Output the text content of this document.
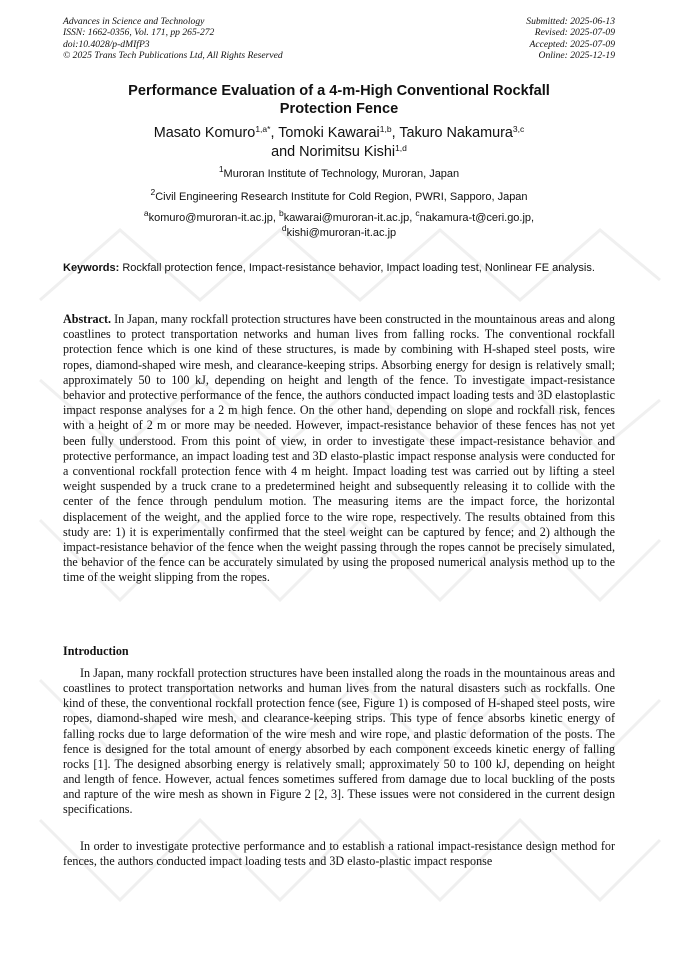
Advances in Science and Technology
ISSN: 1662-0356, Vol. 171, pp 265-272
doi:10.4028/p-dMIfP3
© 2025 Trans Tech Publications Ltd, All Rights Reserved
Submitted: 2025-06-13
Revised: 2025-07-09
Accepted: 2025-07-09
Online: 2025-12-19
Performance Evaluation of a 4-m-High Conventional Rockfall
Protection Fence
Masato Komuro$^{1,a*}$, Tomoki Kawarai$^{1,b}$, Takuro Nakamura$^{3,c}$
and Norimitsu Kishi$^{1,d}$
$^1$Muroran Institute of Technology, Muroran, Japan
$^2$Civil Engineering Research Institute for Cold Region, PWRI, Sapporo, Japan
$^a$komuro@muroran-it.ac.jp, $^b$kawarai@muroran-it.ac.jp, $^c$nakamura-t@ceri.go.jp,
$^d$kishi@muroran-it.ac.jp
Keywords: Rockfall protection fence, Impact-resistance behavior, Impact loading test, Nonlinear FE analysis.

Abstract. In Japan, many rockfall protection structures have been constructed in the mountainous areas and along coastlines to protect transportation networks and human lives from falling rocks. The conventional rockfall protection fence which is one kind of these structures, is made by combining with H-shaped steel posts, wire ropes, diamond-shaped wire mesh, and clearance-keeping strips. Absorbing energy for design is relatively small; approximately 50 to 100 kJ, depending on height and length of the fence. To investigate impact-resistance behavior and protective performance of the fence, the authors conducted impact loading tests and 3D elastoplastic impact response analyses for a 2 m high fence. On the other hand, depending on slope and rockfall risk, fences with a height of 2 m or more may be needed. However, impact-resistance behavior of these fences has not yet been fully understood. From this point of view, in order to investigate these impact-resistance behavior and protective performance, an impact loading test and 3D elasto-plastic impact response analysis were conducted for a conventional rockfall protection fence with 4 m height. Impact loading test was carried out by lifting a steel weight suspended by a truck crane to a predetermined height and subsequently releasing it to collide with the center of the fence through pendulum motion. The measuring items are the impact force, the horizontal displacement of the weight, and the applied force to the wire rope, respectively. The results obtained from this study are: 1) it is experimentally confirmed that the steel weight can be captured by fence; and 2) although the impact-resistance behavior of the fence when the weight passing through the ropes cannot be precisely simulated, the behavior of the fence can be accurately simulated by using the proposed numerical analysis method up to the time of the weight slipping from the ropes.

Introduction

In Japan, many rockfall protection structures have been installed along the roads in the mountainous areas and coastlines to protect transportation networks and human lives from the natural disasters such as rockfalls. One kind of these, the conventional rockfall protection fence (see, Figure 1) is composed of H-shaped steel posts, wire ropes, diamond-shaped wire mesh, and clearance-keeping strips. This type of fence absorbs kinetic energy of falling rocks due to large deformation of the wire mesh and wire rope, and plastic deformation of the posts. The fence is designed for the total amount of energy absorbed by each component exceeds kinetic energy of falling rocks [1]. The designed absorbing energy is relatively small; approximately 50 to 100 kJ, depending on height and length of fence. However, actual fences sometimes suffered from damage due to local buckling of the posts and rapture of the wire mesh as shown in Figure 2 [2, 3]. These issues were not considered in the current design specifications.

In order to investigate protective performance and to establish a rational impact-resistance design method for fences, the authors conducted impact loading tests and 3D elasto-plastic impact response
